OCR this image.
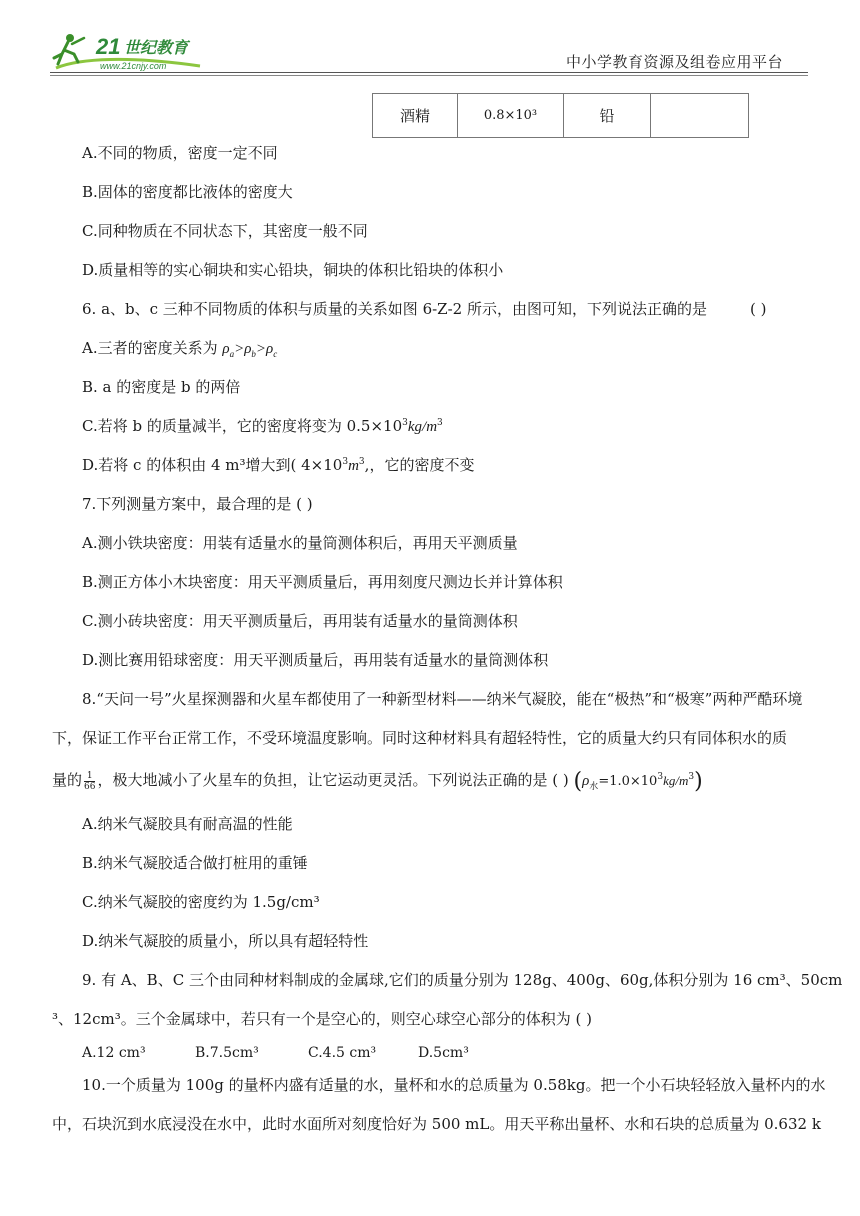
21 世纪教育
www.21cnjy.com	中小学教育资源及组卷应用平台
酒精	0.8×10³	铅	
A.不同的物质，密度一定不同
B.固体的密度都比液体的密度大
C.同种物质在不同状态下，其密度一般不同
D.质量相等的实心铜块和实心铅块，铜块的体积比铅块的体积小
6. a、b、c 三种不同物质的体积与质量的关系如图 6-Z-2 所示，由图可知，下列说法正确的是	( )
A.三者的密度关系为 $\rho_a>\rho_b>\rho_c$
B. a 的密度是 b 的两倍
C.若将 b 的质量减半，它的密度将变为 $0.5\times 10^3kg/m^3$
D.若将 c 的体积由 4 m³增大到( $4\times 10^3m^3$,，它的密度不变
7.下列测量方案中，最合理的是 ( )
A.测小铁块密度：用装有适量水的量筒测体积后，再用天平测质量
B.测正方体小木块密度：用天平测质量后，再用刻度尺测边长并计算体积
C.测小砖块密度：用天平测质量后，再用装有适量水的量筒测体积
D.测比赛用铅球密度：用天平测质量后，再用装有适量水的量筒测体积
8.“天问一号”火星探测器和火星车都使用了一种新型材料——纳米气凝胶，能在“极热”和“极寒”两种严酷环境
下，保证工作平台正常工作，不受环境温度影响。同时这种材料具有超轻特性，它的质量大约只有同体积水的质
量的 $\frac{1}{66}$ ，极大地减小了火星车的负担，让它运动更灵活。下列说法正确的是 ( ) $(\rho_水=1.0\times 10^3kg/m^3)$
A.纳米气凝胶具有耐高温的性能
B.纳米气凝胶适合做打桩用的重锤
C.纳米气凝胶的密度约为 1.5g/cm³
D.纳米气凝胶的质量小，所以具有超轻特性
9. 有 A、B、C 三个由同种材料制成的金属球,它们的质量分别为 128g、400g、60g,体积分别为 16 cm³、50cm
³、12cm³。三个金属球中，若只有一个是空心的，则空心球空心部分的体积为 ( )
A.12 cm³	B.7.5cm³	C.4.5 cm³	D.5cm³
10.一个质量为 100g 的量杯内盛有适量的水，量杯和水的总质量为 0.58kg。把一个小石块轻轻放入量杯内的水
中，石块沉到水底浸没在水中，此时水面所对刻度恰好为 500 mL。用天平称出量杯、水和石块的总质量为 0.632 k
